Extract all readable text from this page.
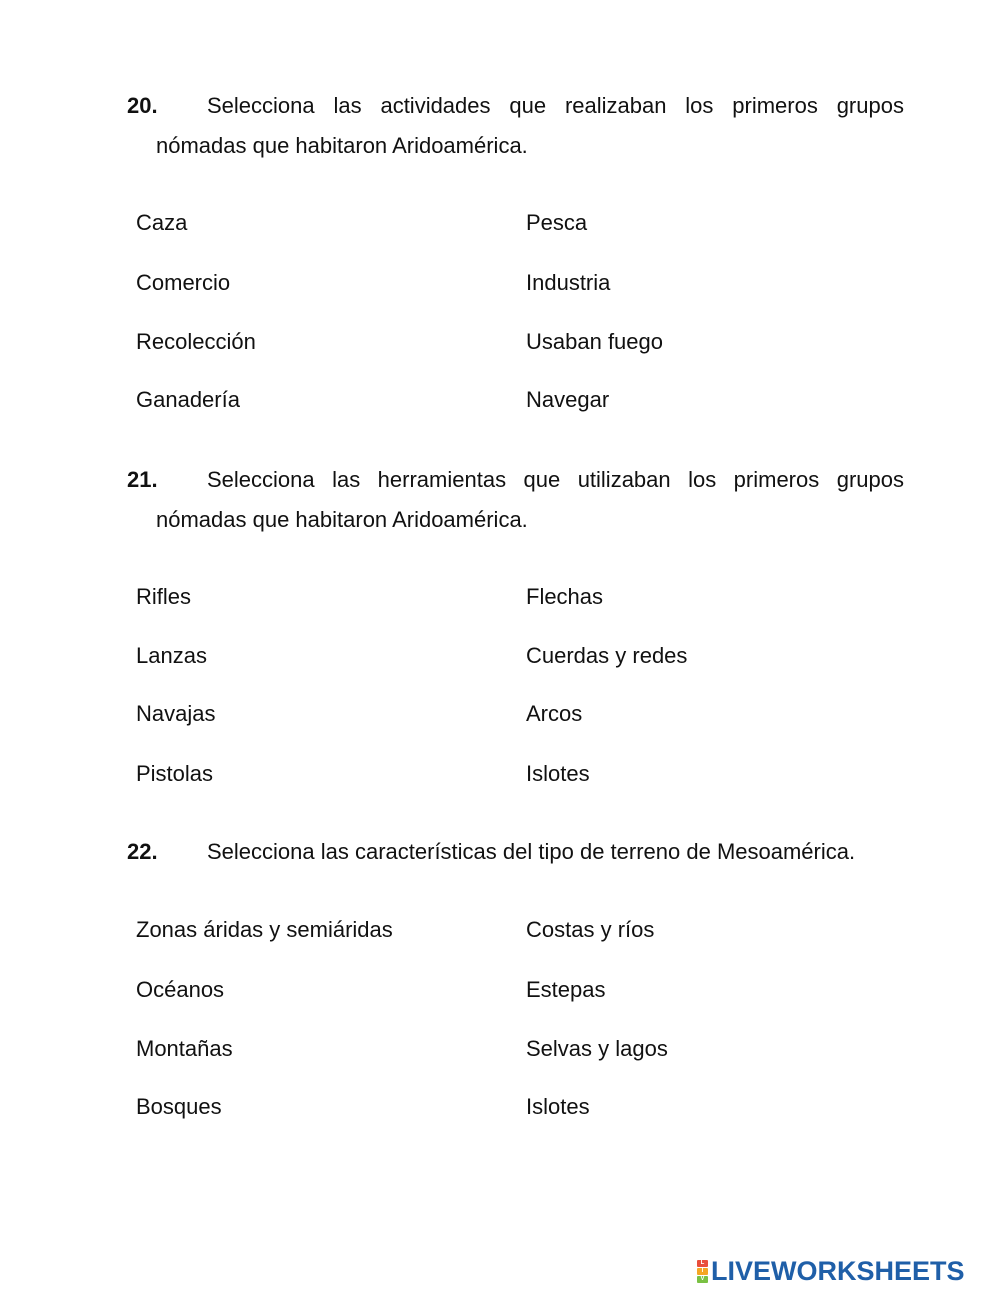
20.	Selecciona las actividades que realizaban los primeros grupos
nómadas que habitaron Aridoamérica.
Caza
Comercio
Recolección
Ganadería
Pesca
Industria
Usaban fuego
Navegar
21.	Selecciona las herramientas que utilizaban los primeros grupos
nómadas que habitaron Aridoamérica.
Rifles
Lanzas
Navajas
Pistolas
Flechas
Cuerdas y redes
Arcos
Islotes
22. Selecciona las características del tipo de terreno de Mesoamérica.
Zonas áridas y semiáridas
Océanos
Montañas
Bosques
Costas y ríos
Estepas
Selvas y lagos
Islotes
L
I
V LIVEWORKSHEETS
